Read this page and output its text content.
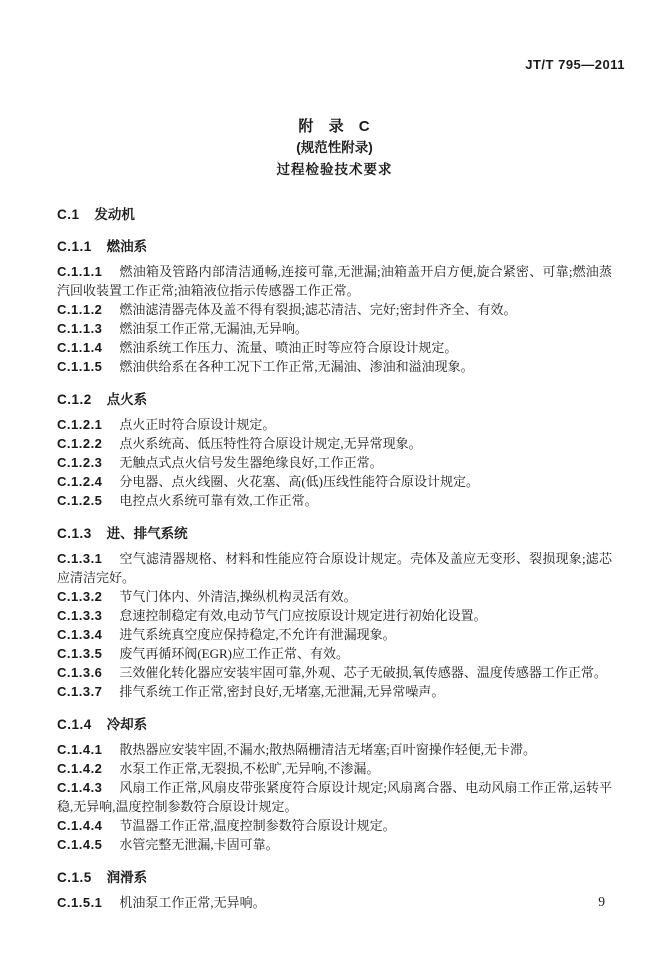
JT/T 795—2011
附 录 C
(规范性附录)
过程检验技术要求
C.1 发动机
C.1.1 燃油系

C.1.1.1 燃油箱及管路内部清洁通畅,连接可靠,无泄漏;油箱盖开启方便,旋合紧密、可靠;燃油蒸汽回收装置工作正常;油箱液位指示传感器工作正常。

C.1.1.2 燃油滤清器壳体及盖不得有裂损;滤芯清洁、完好;密封件齐全、有效。

C.1.1.3 燃油泵工作正常,无漏油,无异响。

C.1.1.4 燃油系统工作压力、流量、喷油正时等应符合原设计规定。

C.1.1.5 燃油供给系在各种工况下工作正常,无漏油、渗油和溢油现象。

C.1.2 点火系

C.1.2.1 点火正时符合原设计规定。

C.1.2.2 点火系统高、低压特性符合原设计规定,无异常现象。

C.1.2.3 无触点式点火信号发生器绝缘良好,工作正常。

C.1.2.4 分电器、点火线圈、火花塞、高(低)压线性能符合原设计规定。

C.1.2.5 电控点火系统可靠有效,工作正常。

C.1.3 进、排气系统

C.1.3.1 空气滤清器规格、材料和性能应符合原设计规定。壳体及盖应无变形、裂损现象;滤芯应清洁完好。

C.1.3.2 节气门体内、外清洁,操纵机构灵活有效。

C.1.3.3 怠速控制稳定有效,电动节气门应按原设计规定进行初始化设置。

C.1.3.4 进气系统真空度应保持稳定,不允许有泄漏现象。

C.1.3.5 废气再循环阀(EGR)应工作正常、有效。

C.1.3.6 三效催化转化器应安装牢固可靠,外观、芯子无破损,氧传感器、温度传感器工作正常。

C.1.3.7 排气系统工作正常,密封良好,无堵塞,无泄漏,无异常噪声。

C.1.4 冷却系

C.1.4.1 散热器应安装牢固,不漏水;散热隔栅清洁无堵塞;百叶窗操作轻便,无卡滞。

C.1.4.2 水泵工作正常,无裂损,不松旷,无异响,不渗漏。

C.1.4.3 风扇工作正常,风扇皮带张紧度符合原设计规定;风扇离合器、电动风扇工作正常,运转平稳,无异响,温度控制参数符合原设计规定。

C.1.4.4 节温器工作正常,温度控制参数符合原设计规定。

C.1.4.5 水管完整无泄漏,卡固可靠。

C.1.5 润滑系

C.1.5.1 机油泵工作正常,无异响。	9
